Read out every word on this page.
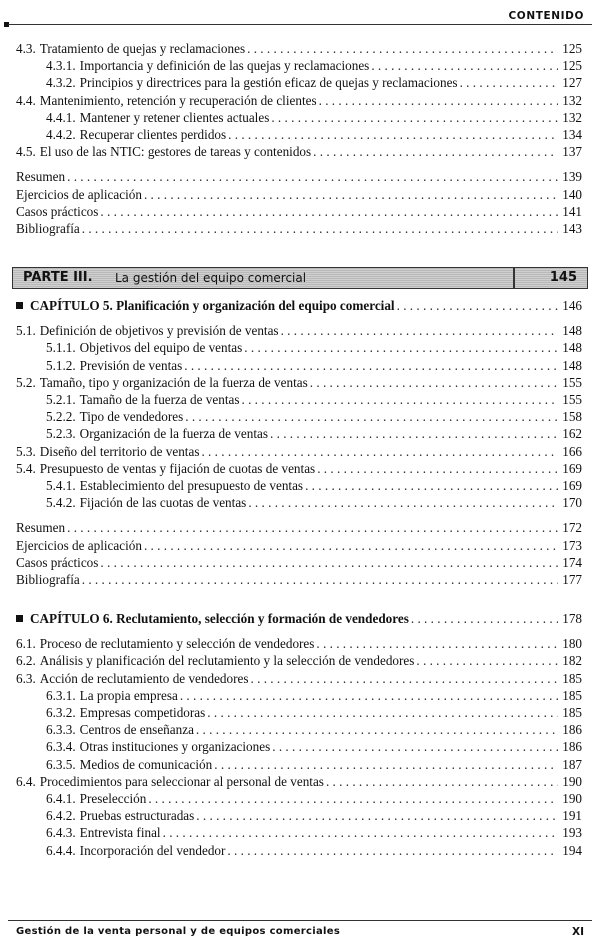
CONTENIDO
4.3. Tratamiento de quejas y reclamaciones . . .	125
4.3.1. Importancia y definición de las quejas y reclamaciones . . .	125
4.3.2. Principios y directrices para la gestión eficaz de quejas y reclamaciones . . .	127
4.4. Mantenimiento, retención y recuperación de clientes . . .	132
4.4.1. Mantener y retener clientes actuales . . .	132
4.4.2. Recuperar clientes perdidos . . .	134
4.5. El uso de las NTIC: gestores de tareas y contenidos . . .	137
Resumen . . .	139
Ejercicios de aplicación . . .	140
Casos prácticos . . .	141
Bibliografía . . .	143
PARTE III. La gestión del equipo comercial	145
CAPÍTULO 5. Planificación y organización del equipo comercial . . .	146
5.1. Definición de objetivos y previsión de ventas . . .	148
5.1.1. Objetivos del equipo de ventas . . .	148
5.1.2. Previsión de ventas . . .	148
5.2. Tamaño, tipo y organización de la fuerza de ventas . . .	155
5.2.1. Tamaño de la fuerza de ventas . . .	155
5.2.2. Tipo de vendedores . . .	158
5.2.3. Organización de la fuerza de ventas . . .	162
5.3. Diseño del territorio de ventas . . .	166
5.4. Presupuesto de ventas y fijación de cuotas de ventas . . .	169
5.4.1. Establecimiento del presupuesto de ventas . . .	169
5.4.2. Fijación de las cuotas de ventas . . .	170
Resumen . . .	172
Ejercicios de aplicación . . .	173
Casos prácticos . . .	174
Bibliografía . . .	177
CAPÍTULO 6. Reclutamiento, selección y formación de vendedores . . .	178
6.1. Proceso de reclutamiento y selección de vendedores . . .	180
6.2. Análisis y planificación del reclutamiento y la selección de vendedores . . .	182
6.3. Acción de reclutamiento de vendedores . . .	185
6.3.1. La propia empresa . . .	185
6.3.2. Empresas competidoras . . .	185
6.3.3. Centros de enseñanza . . .	186
6.3.4. Otras instituciones y organizaciones . . .	186
6.3.5. Medios de comunicación . . .	187
6.4. Procedimientos para seleccionar al personal de ventas . . .	190
6.4.1. Preselección . . .	190
6.4.2. Pruebas estructuradas . . .	191
6.4.3. Entrevista final . . .	193
6.4.4. Incorporación del vendedor . . .	194
Gestión de la venta personal y de equipos comerciales	XI
